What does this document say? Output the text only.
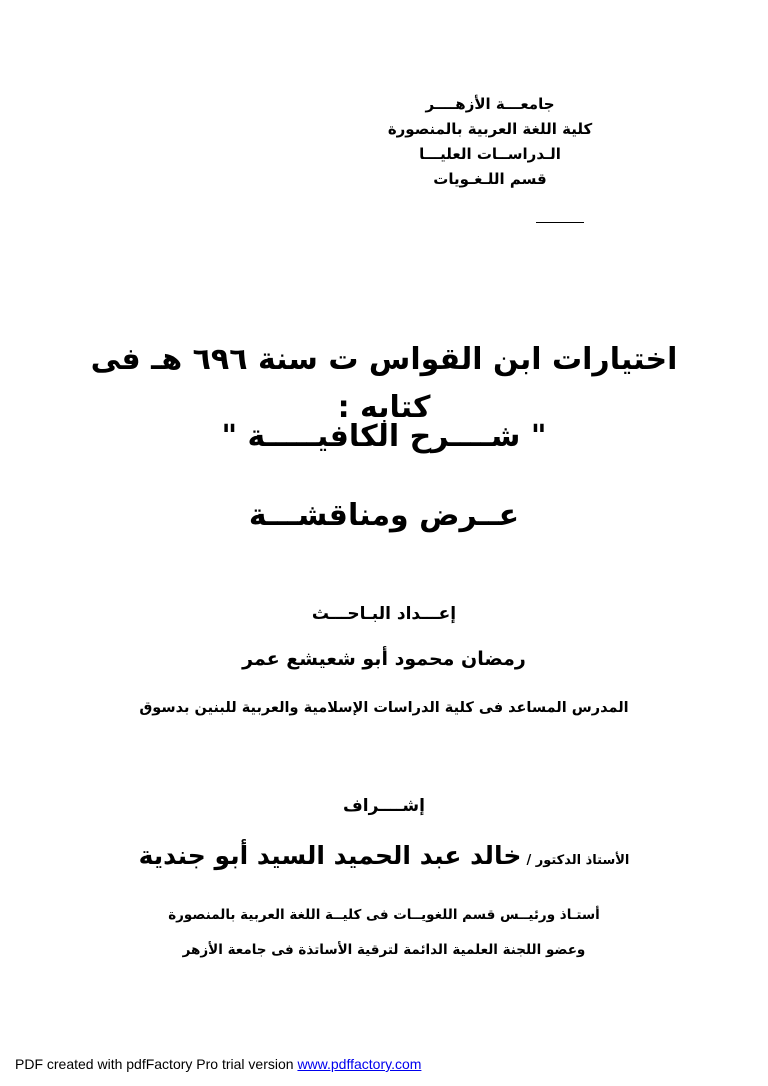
جامعـــة الأزهــــر
كلية اللغة العربية بالمنصورة
الـدراســات العليـــا
قسم اللـغـويات
اختيارات ابن القواس ت سنة ٦٩٦ هـ فى كتابه :
" شــــرح الكافيـــــة "
عــرض ومناقشـــة
إعـــداد البـاحـــث
رمضان محمود أبو شعيشع عمر
المدرس المساعد فى كلية الدراسات الإسلامية والعربية للبنين بدسوق
إشــــراف
الأستاذ الدكتور / خالد عبد الحميد السيد أبو جندية
أستـاذ ورئيــس قسم اللغويــات فى كليــة اللغة العربية بالمنصورة
وعضو اللجنة العلمية الدائمة لترقية الأساتذة فى جامعة الأزهر
PDF created with pdfFactory Pro trial version www.pdffactory.com
